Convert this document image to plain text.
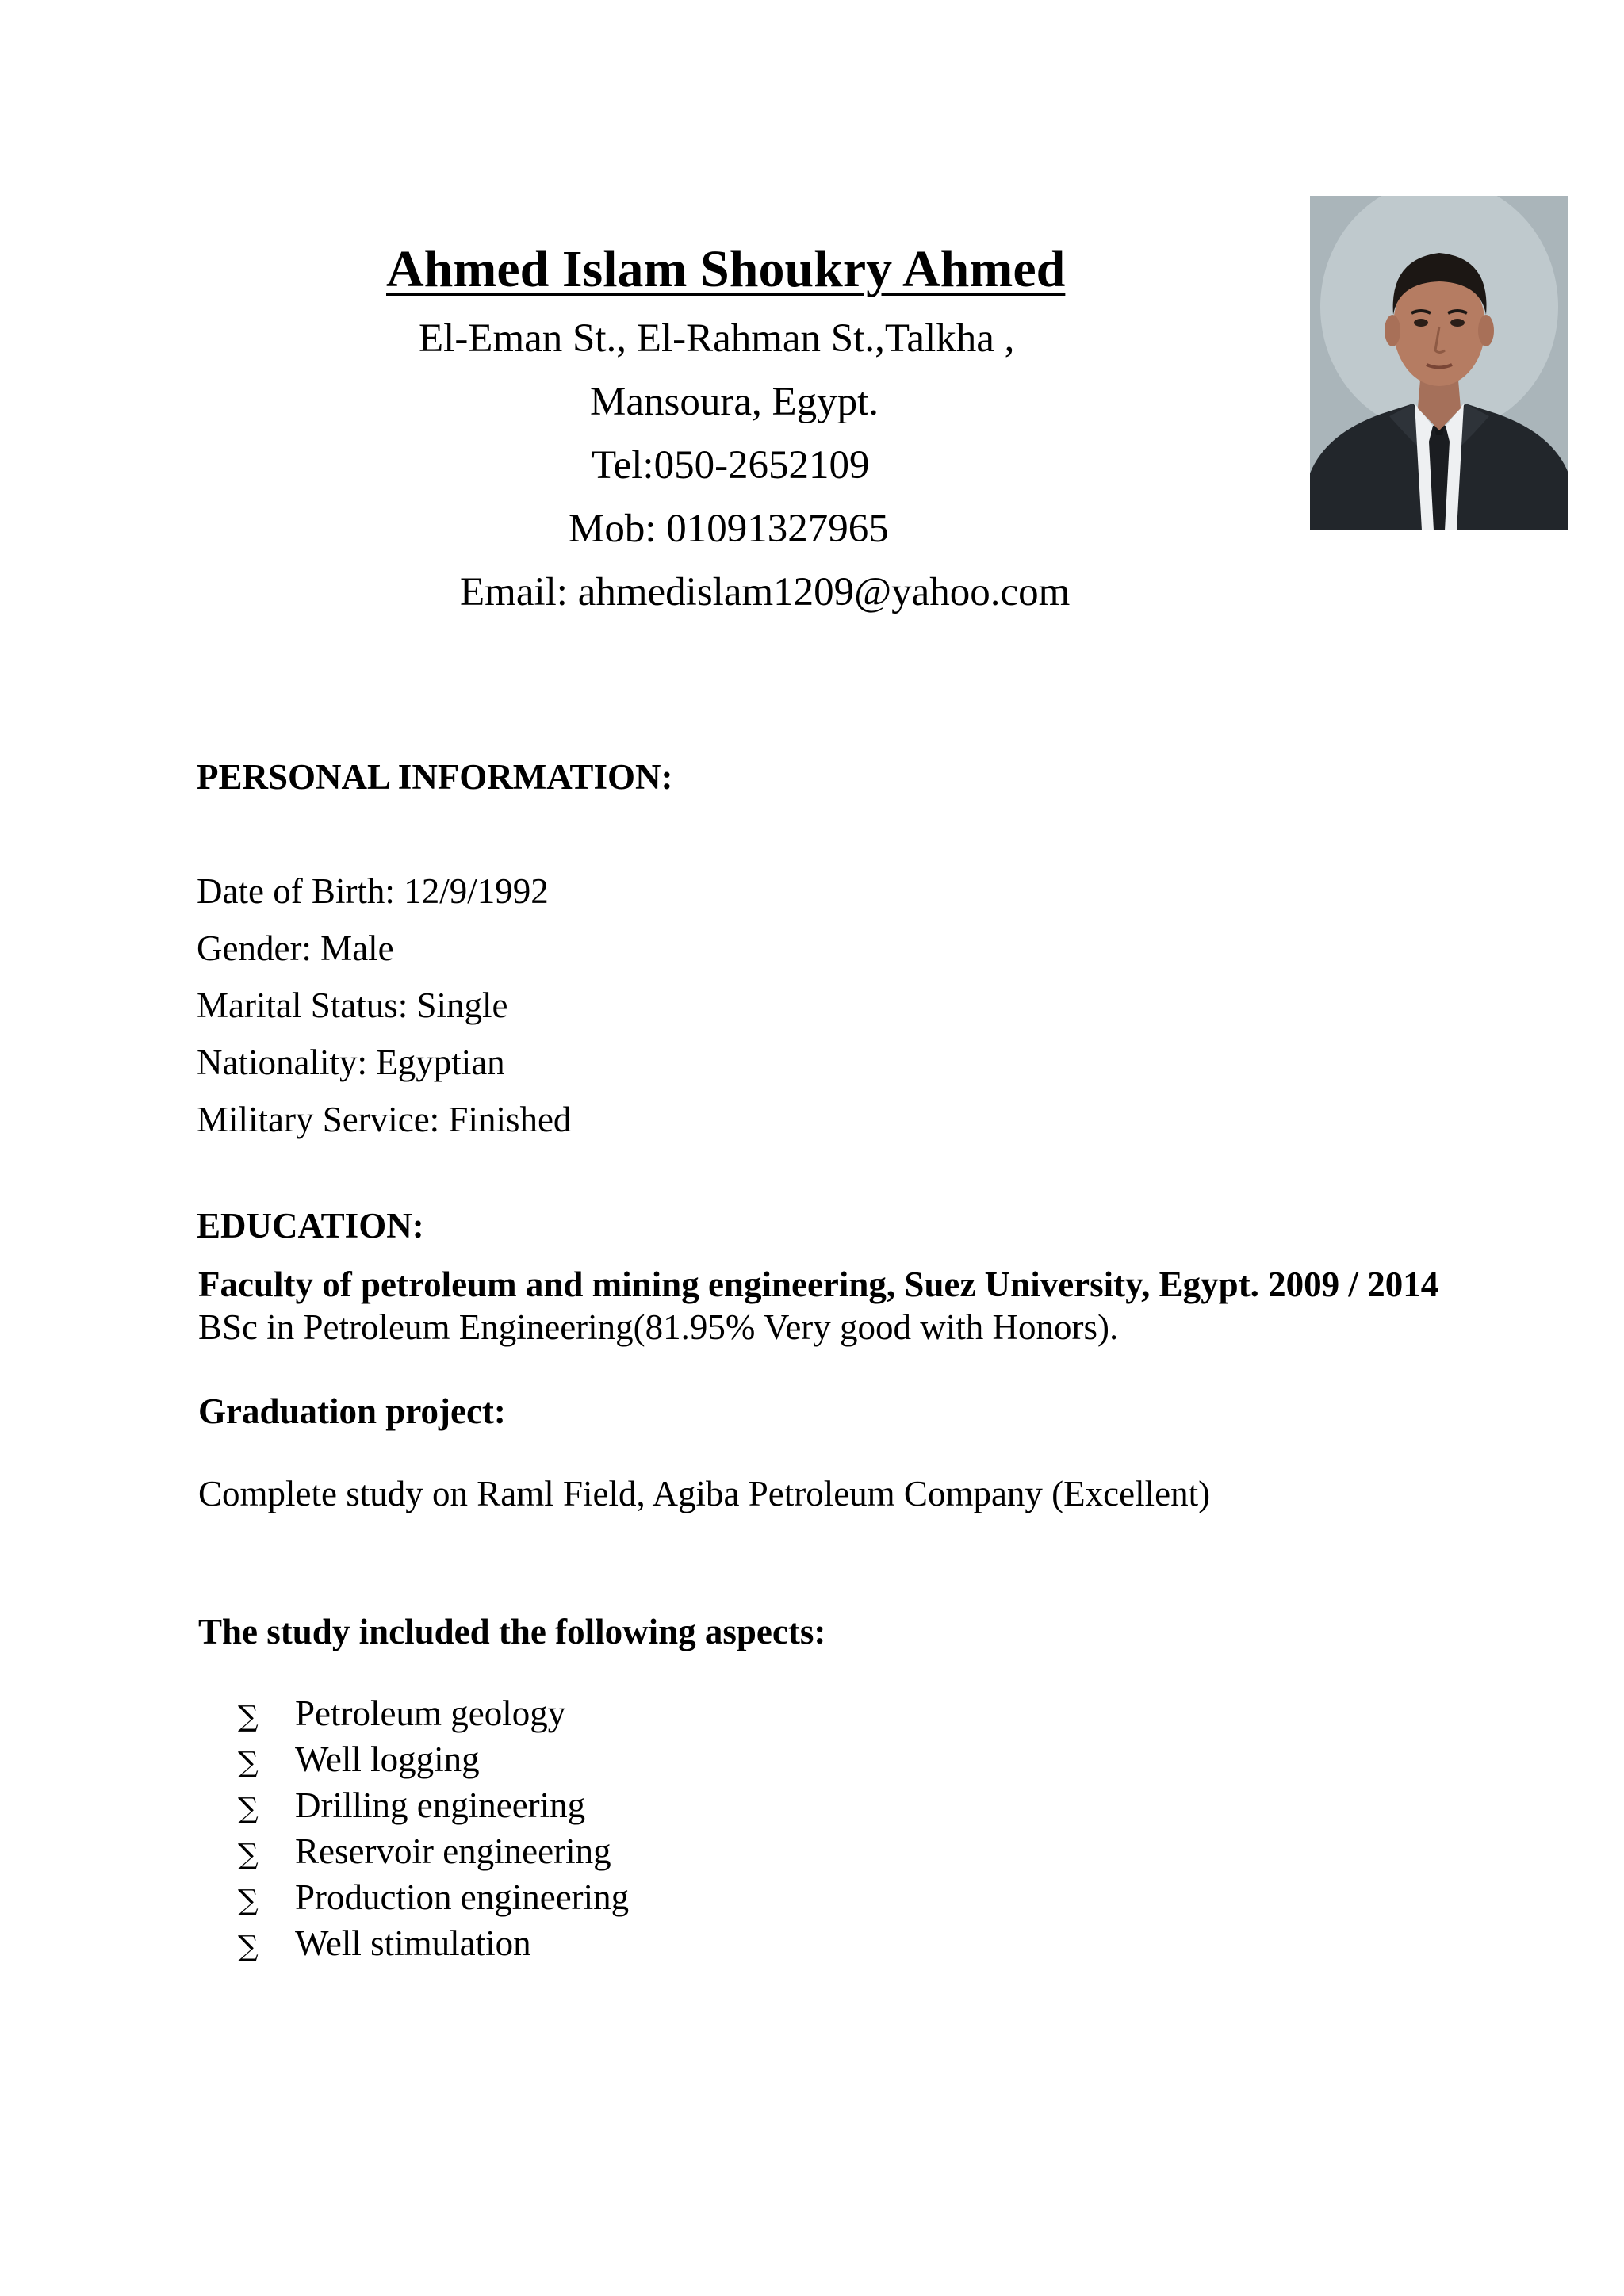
Ahmed Islam Shoukry Ahmed
El-Eman St., El-Rahman St.,Talkha ,
Mansoura, Egypt.
Tel:050-2652109
Mob: 01091327965
Email: ahmedislam1209@yahoo.com
PERSONAL INFORMATION:
Date of Birth: 12/9/1992
Gender: Male
Marital Status: Single
Nationality: Egyptian
Military Service: Finished
EDUCATION:
Faculty of petroleum and mining engineering, Suez University, Egypt. 2009 / 2014
BSc in Petroleum Engineering(81.95% Very good with Honors).
Graduation project:
Complete study on Raml Field, Agiba Petroleum Company (Excellent)
The study included the following aspects:
∑	Petroleum geology
∑	Well logging
∑	Drilling engineering
∑	Reservoir engineering
∑	Production engineering
∑	Well stimulation
